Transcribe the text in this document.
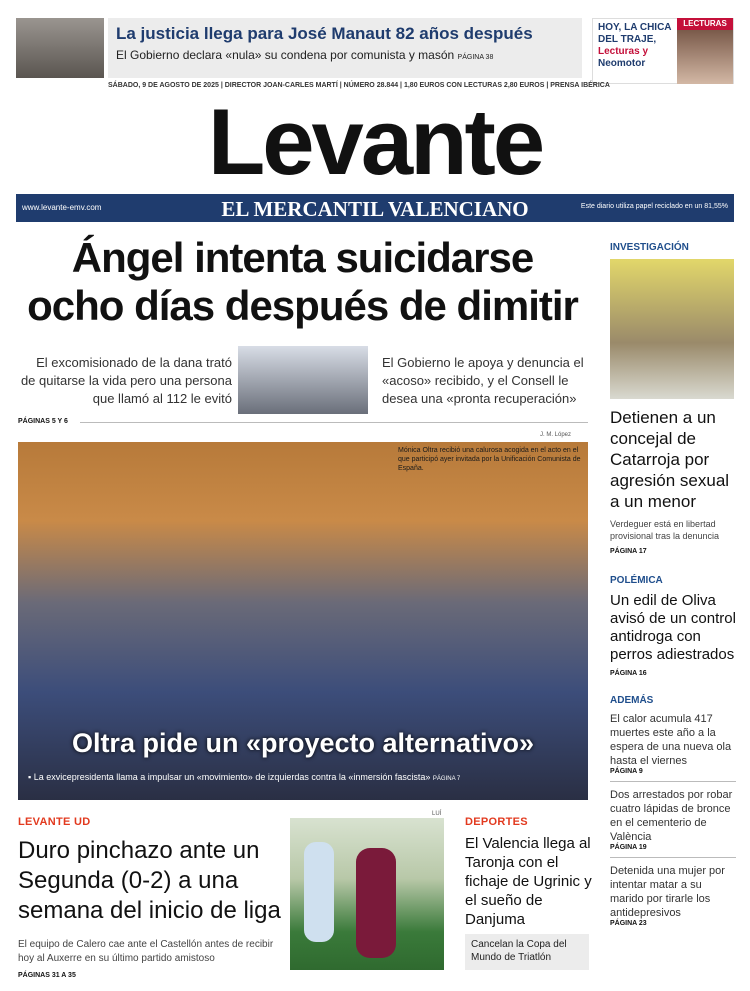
La justicia llega para José Manaut 82 años después
El Gobierno declara «nula» su condena por comunista y masón PÁGINA 38
HOY, LA CHICA
DEL TRAJE,
Lecturas y
Neomotor
LECTURAS
SÁBADO, 9 DE AGOSTO DE 2025 | DIRECTOR JOAN-CARLES MARTÍ | NÚMERO 28.844 | 1,80 EUROS CON LECTURAS 2,80 EUROS | PRENSA IBÉRICA
Levante
www.levante-emv.com	EL MERCANTIL VALENCIANO	Este diario utiliza papel reciclado en un 81,55%
Ángel intenta suicidarse
ocho días después de dimitir
El excomisionado de la dana trató de quitarse la vida pero una persona que llamó al 112 le evitó
El Gobierno le apoya y denuncia el «acoso» recibido, y el Consell le desea una «pronta recuperación»
PÁGINAS 5 Y 6
J. M. López
Mónica Oltra recibió una calurosa acogida en el acto en el que participó ayer invitada por la Unificación Comunista de España.
Oltra pide un «proyecto alternativo»
▪ La exvicepresidenta llama a impulsar un «movimiento» de izquierdas contra la «inmersión fascista» PÁGINA 7
INVESTIGACIÓN
Detienen a un concejal de Catarroja por agresión sexual a un menor
Verdeguer está en libertad provisional tras la denuncia
PÁGINA 17
POLÉMICA
Un edil de Oliva avisó de un control antidroga con perros adiestrados
PÁGINA 16
ADEMÁS
El calor acumula 417 muertes este año a la espera de una nueva ola hasta el viernes
PÁGINA 9
Dos arrestados por robar cuatro lápidas de bronce en el cementerio de València
PÁGINA 19
Detenida una mujer por intentar matar a su marido por tirarle los antidepresivos
PÁGINA 23
LEVANTE UD
Duro pinchazo ante un Segunda (0-2) a una semana del inicio de liga
El equipo de Calero cae ante el Castellón antes de recibir hoy al Auxerre en su último partido amistoso
PÁGINAS 31 A 35
LUÍ
DEPORTES
El Valencia llega al Taronja con el fichaje de Ugrinic y el sueño de Danjuma
Cancelan la Copa del Mundo de Triatlón
